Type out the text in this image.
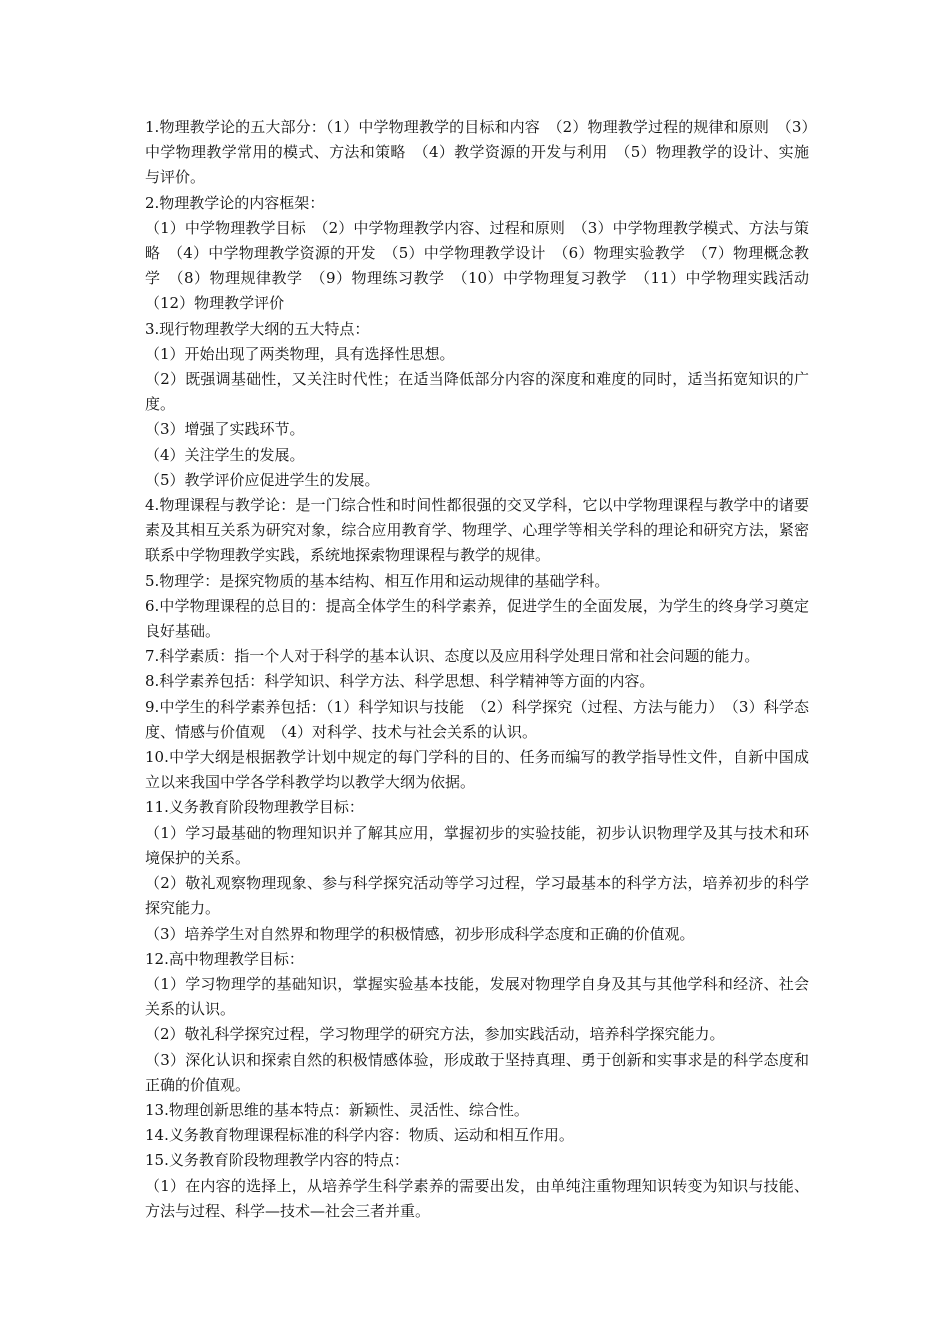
1.物理教学论的五大部分：（1）中学物理教学的目标和内容　（2）物理教学过程的规律和原则　（3）中学物理教学常用的模式、方法和策略　（4）教学资源的开发与利用　（5）物理教学的设计、实施与评价。

2.物理教学论的内容框架：

（1）中学物理教学目标　（2）中学物理教学内容、过程和原则　（3）中学物理教学模式、方法与策略　（4）中学物理教学资源的开发　（5）中学物理教学设计　（6）物理实验教学　（7）物理概念教学　（8）物理规律教学　（9）物理练习教学　（10）中学物理复习教学　（11）中学物理实践活动　（12）物理教学评价

3.现行物理教学大纲的五大特点：

（1）开始出现了两类物理，具有选择性思想。

（2）既强调基础性，又关注时代性；在适当降低部分内容的深度和难度的同时，适当拓宽知识的广度。

（3）增强了实践环节。

（4）关注学生的发展。

（5）教学评价应促进学生的发展。

4.物理课程与教学论：是一门综合性和时间性都很强的交叉学科，它以中学物理课程与教学中的诸要素及其相互关系为研究对象，综合应用教育学、物理学、心理学等相关学科的理论和研究方法，紧密联系中学物理教学实践，系统地探索物理课程与教学的规律。

5.物理学：是探究物质的基本结构、相互作用和运动规律的基础学科。

6.中学物理课程的总目的：提高全体学生的科学素养，促进学生的全面发展，为学生的终身学习奠定良好基础。

7.科学素质：指一个人对于科学的基本认识、态度以及应用科学处理日常和社会问题的能力。

8.科学素养包括：科学知识、科学方法、科学思想、科学精神等方面的内容。

9.中学生的科学素养包括：（1）科学知识与技能　（2）科学探究（过程、方法与能力）　（3）科学态度、情感与价值观　（4）对科学、技术与社会关系的认识。

10.中学大纲是根据教学计划中规定的每门学科的目的、任务而编写的教学指导性文件，自新中国成立以来我国中学各学科教学均以教学大纲为依据。

11.义务教育阶段物理教学目标：

（1）学习最基础的物理知识并了解其应用，掌握初步的实验技能，初步认识物理学及其与技术和环境保护的关系。

（2）敬礼观察物理现象、参与科学探究活动等学习过程，学习最基本的科学方法，培养初步的科学探究能力。

（3）培养学生对自然界和物理学的积极情感，初步形成科学态度和正确的价值观。

12.高中物理教学目标：

（1）学习物理学的基础知识，掌握实验基本技能，发展对物理学自身及其与其他学科和经济、社会关系的认识。

（2）敬礼科学探究过程，学习物理学的研究方法，参加实践活动，培养科学探究能力。

（3）深化认识和探索自然的积极情感体验，形成敢于坚持真理、勇于创新和实事求是的科学态度和正确的价值观。

13.物理创新思维的基本特点：新颖性、灵活性、综合性。

14.义务教育物理课程标准的科学内容：物质、运动和相互作用。

15.义务教育阶段物理教学内容的特点：

（1）在内容的选择上，从培养学生科学素养的需要出发，由单纯注重物理知识转变为知识与技能、方法与过程、科学—技术—社会三者并重。
